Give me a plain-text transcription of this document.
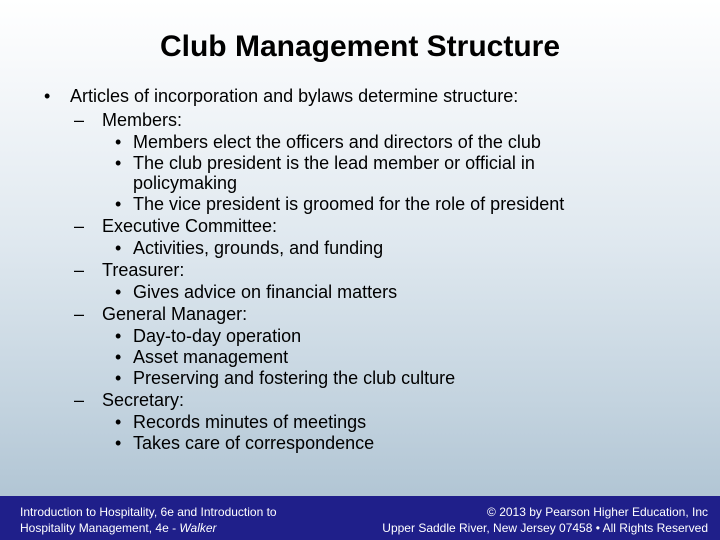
Club Management Structure
• Articles of incorporation and bylaws determine structure:
– Members:
• Members elect the officers and directors of the club
• The club president is the lead member or official in policymaking
• The vice president is groomed for the role of president
– Executive Committee:
• Activities, grounds, and funding
– Treasurer:
• Gives advice on financial matters
– General Manager:
• Day-to-day operation
• Asset management
• Preserving and fostering the club culture
– Secretary:
• Records minutes of meetings
• Takes care of correspondence
Introduction to Hospitality, 6e and Introduction to
Hospitality Management, 4e - Walker
© 2013 by Pearson Higher Education, Inc
Upper Saddle River, New Jersey 07458 • All Rights Reserved
